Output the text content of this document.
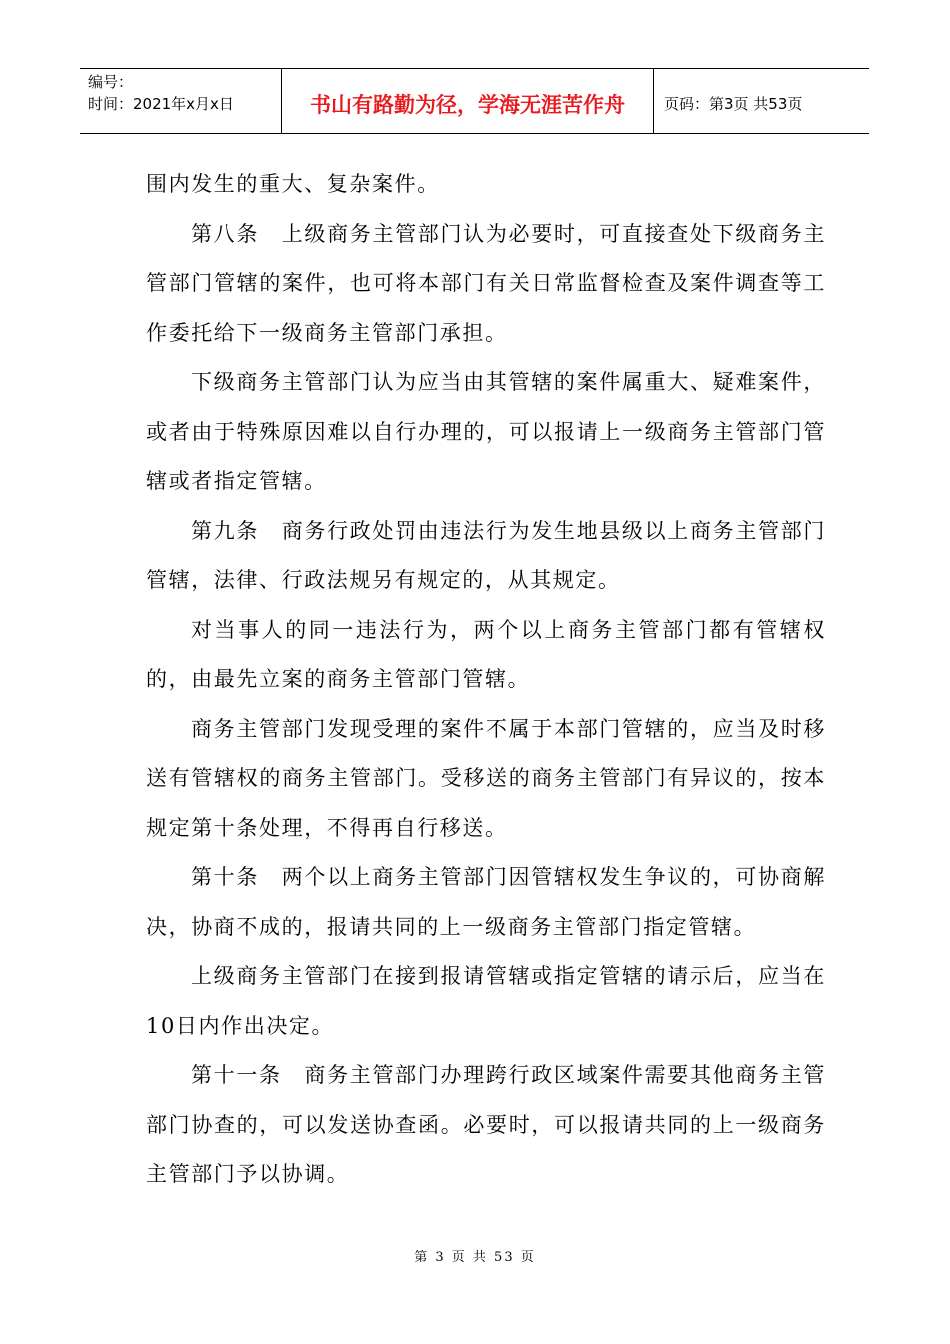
编号：
时间：2021年x月x日	书山有路勤为径，学海无涯苦作舟	页码：第3页 共53页

围内发生的重大、复杂案件。

第八条　上级商务主管部门认为必要时，可直接查处下级商务主管部门管辖的案件，也可将本部门有关日常监督检查及案件调查等工作委托给下一级商务主管部门承担。

下级商务主管部门认为应当由其管辖的案件属重大、疑难案件，或者由于特殊原因难以自行办理的，可以报请上一级商务主管部门管辖或者指定管辖。

第九条　商务行政处罚由违法行为发生地县级以上商务主管部门管辖，法律、行政法规另有规定的，从其规定。

对当事人的同一违法行为，两个以上商务主管部门都有管辖权的，由最先立案的商务主管部门管辖。

商务主管部门发现受理的案件不属于本部门管辖的，应当及时移送有管辖权的商务主管部门。受移送的商务主管部门有异议的，按本规定第十条处理，不得再自行移送。

第十条　两个以上商务主管部门因管辖权发生争议的，可协商解决，协商不成的，报请共同的上一级商务主管部门指定管辖。

上级商务主管部门在接到报请管辖或指定管辖的请示后，应当在10日内作出决定。

第十一条　商务主管部门办理跨行政区域案件需要其他商务主管部门协查的，可以发送协查函。必要时，可以报请共同的上一级商务主管部门予以协调。

第 3 页 共 53 页
